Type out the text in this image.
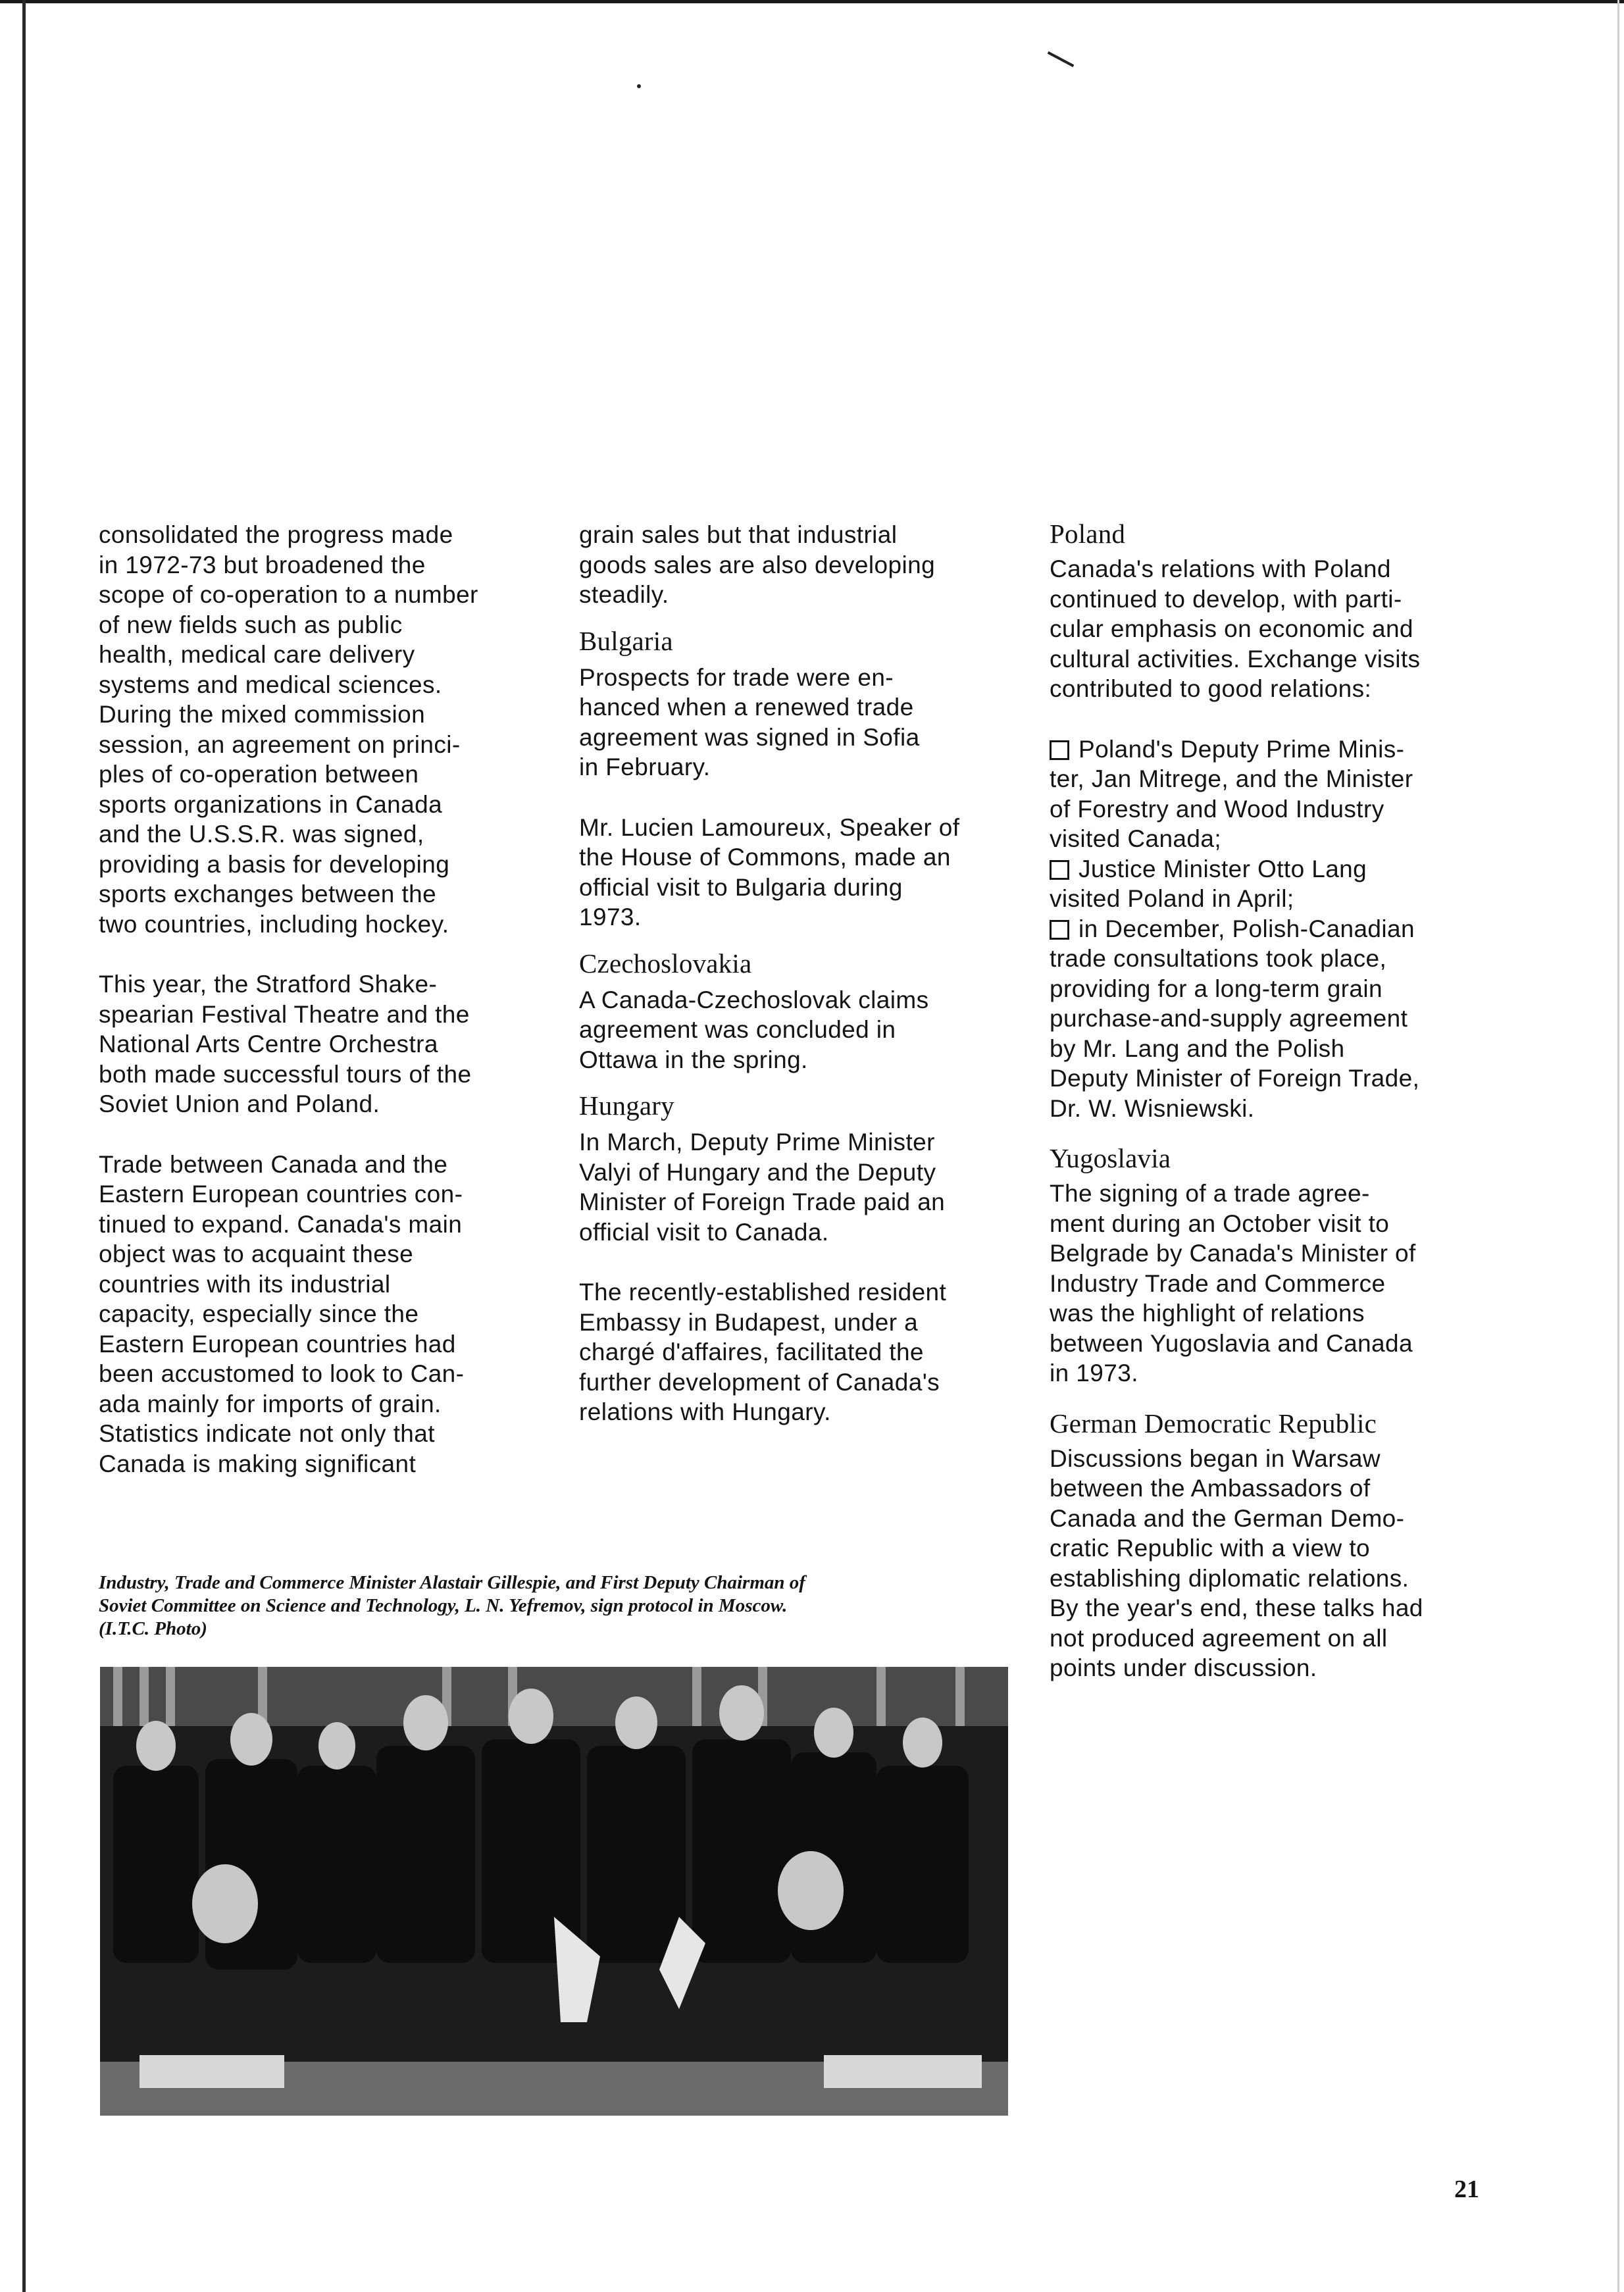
consolidated the progress made
in 1972-73 but broadened the
scope of co-operation to a number
of new fields such as public
health, medical care delivery
systems and medical sciences.
During the mixed commission
session, an agreement on princi-
ples of co-operation between
sports organizations in Canada
and the U.S.S.R. was signed,
providing a basis for developing
sports exchanges between the
two countries, including hockey.

This year, the Stratford Shake-
spearian Festival Theatre and the
National Arts Centre Orchestra
both made successful tours of the
Soviet Union and Poland.

Trade between Canada and the
Eastern European countries con-
tinued to expand. Canada's main
object was to acquaint these
countries with its industrial
capacity, especially since the
Eastern European countries had
been accustomed to look to Can-
ada mainly for imports of grain.
Statistics indicate not only that
Canada is making significant

grain sales but that industrial
goods sales are also developing
steadily.

Bulgaria

Prospects for trade were en-
hanced when a renewed trade
agreement was signed in Sofia
in February.

Mr. Lucien Lamoureux, Speaker of
the House of Commons, made an
official visit to Bulgaria during
1973.

Czechoslovakia

A Canada-Czechoslovak claims
agreement was concluded in
Ottawa in the spring.

Hungary

In March, Deputy Prime Minister
Valyi of Hungary and the Deputy
Minister of Foreign Trade paid an
official visit to Canada.

The recently-established resident
Embassy in Budapest, under a
chargé d'affaires, facilitated the
further development of Canada's
relations with Hungary.

Poland

Canada's relations with Poland
continued to develop, with parti-
cular emphasis on economic and
cultural activities. Exchange visits
contributed to good relations:

Poland's Deputy Prime Minis-
ter, Jan Mitrege, and the Minister
of Forestry and Wood Industry
visited Canada;

Justice Minister Otto Lang
visited Poland in April;

in December, Polish-Canadian
trade consultations took place,
providing for a long-term grain
purchase-and-supply agreement
by Mr. Lang and the Polish
Deputy Minister of Foreign Trade,
Dr. W. Wisniewski.

Yugoslavia

The signing of a trade agree-
ment during an October visit to
Belgrade by Canada's Minister of
Industry Trade and Commerce
was the highlight of relations
between Yugoslavia and Canada
in 1973.

German Democratic Republic

Discussions began in Warsaw
between the Ambassadors of
Canada and the German Demo-
cratic Republic with a view to
establishing diplomatic relations.
By the year's end, these talks had
not produced agreement on all
points under discussion.

Industry, Trade and Commerce Minister Alastair Gillespie, and First Deputy Chairman of
Soviet Committee on Science and Technology, L. N. Yefremov, sign protocol in Moscow.
(I.T.C. Photo)

21
